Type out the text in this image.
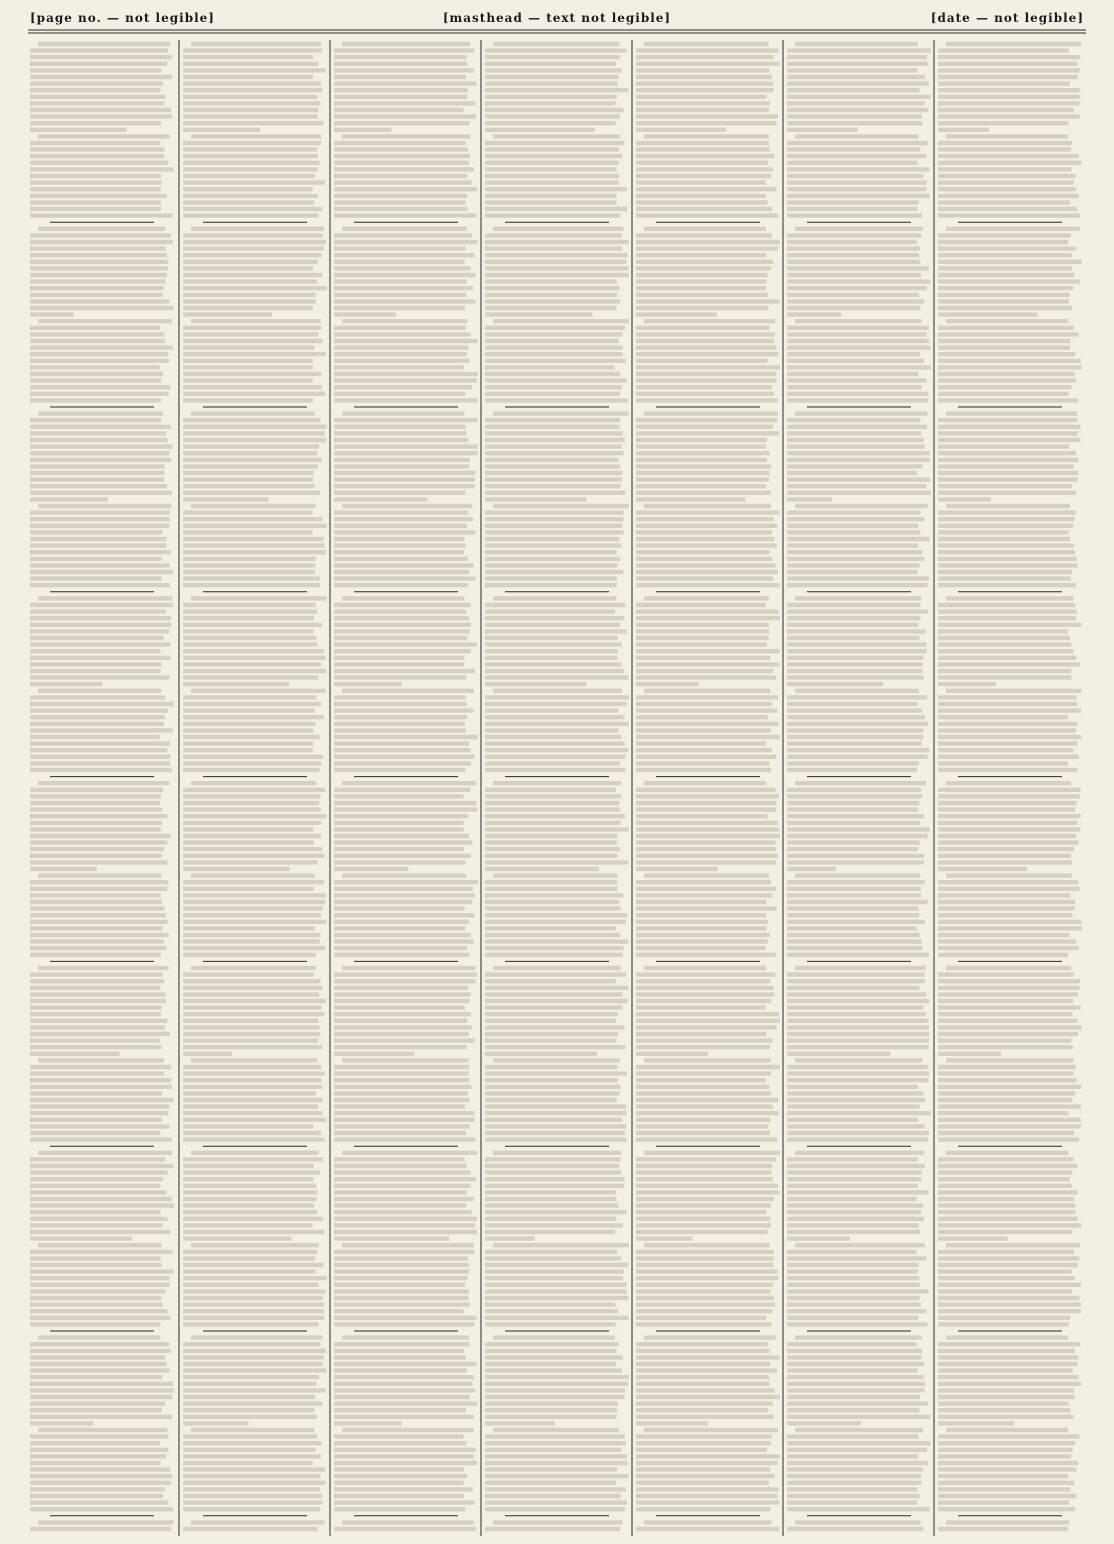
[page no. — not legible]	[masthead — text not legible]	[date — not legible]
